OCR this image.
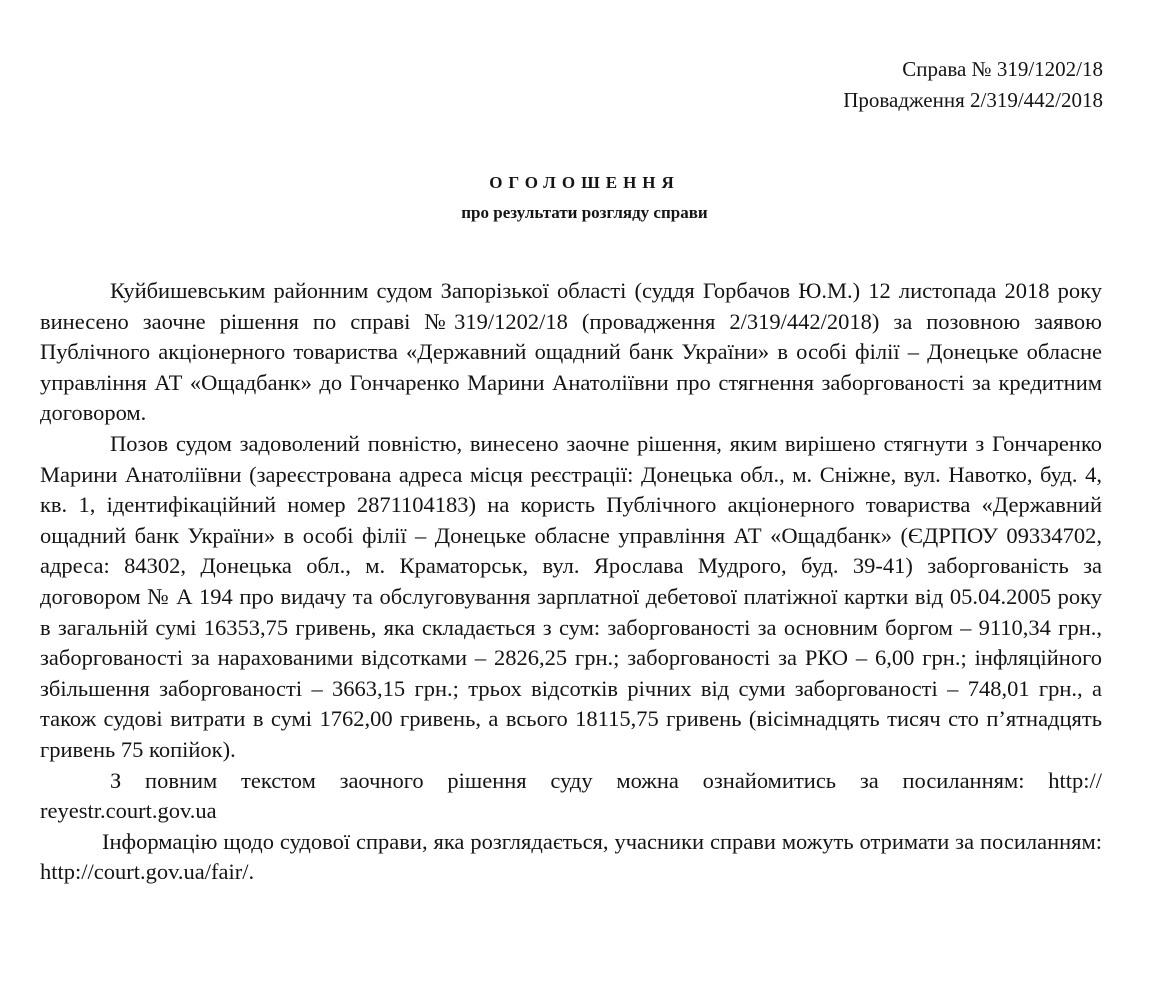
Справа № 319/1202/18
Провадження 2/319/442/2018
ОГОЛОШЕННЯ
про результати розгляду справи

Куйбишевським районним судом Запорізької області (суддя Горбачов Ю.М.) 12 листопада 2018 року винесено заочне рішення по справі №319/1202/18 (провадження 2/319/442/2018) за позовною заявою Публічного акціонерного товариства «Державний ощадний банк України» в особі філії – Донецьке обласне управління АТ «Ощадбанк» до Гончаренко Марини Анатоліївни про стягнення заборгованості за кредитним договором.

Позов судом задоволений повністю, винесено заочне рішення, яким вирішено стягнути з Гончаренко Марини Анатоліївни (зареєстрована адреса місця реєстрації: Донецька обл., м. Сніжне, вул. Навотко, буд. 4, кв. 1, ідентифікаційний номер 2871104183) на користь Публічного акціонерного товариства «Державний ощадний банк України» в особі філії – Донецьке обласне управління АТ «Ощадбанк» (ЄДРПОУ 09334702, адреса: 84302, Донецька обл., м. Краматорськ, вул. Ярослава Мудрого, буд. 39-41) заборгованість за договором № А 194 про видачу та обслуговування зарплатної дебетової платіжної картки від 05.04.2005 року в загальній сумі 16353,75 гривень, яка складається з сум: заборгованості за основним боргом – 9110,34 грн., заборгованості за нарахованими відсотками – 2826,25 грн.; заборгованості за РКО – 6,00 грн.; інфляційного збільшення заборгованості – 3663,15 грн.; трьох відсотків річних від суми заборгованості – 748,01 грн., а також судові витрати в сумі 1762,00 гривень, а всього 18115,75 гривень (вісімнадцять тисяч сто п’ятнадцять гривень 75 копійок).

З повним текстом заочного рішення суду можна ознайомитись за посиланням: http:// reyestr.court.gov.ua

Інформацію щодо судової справи, яка розглядається, учасники справи можуть отримати за посиланням: http://court.gov.ua/fair/.
